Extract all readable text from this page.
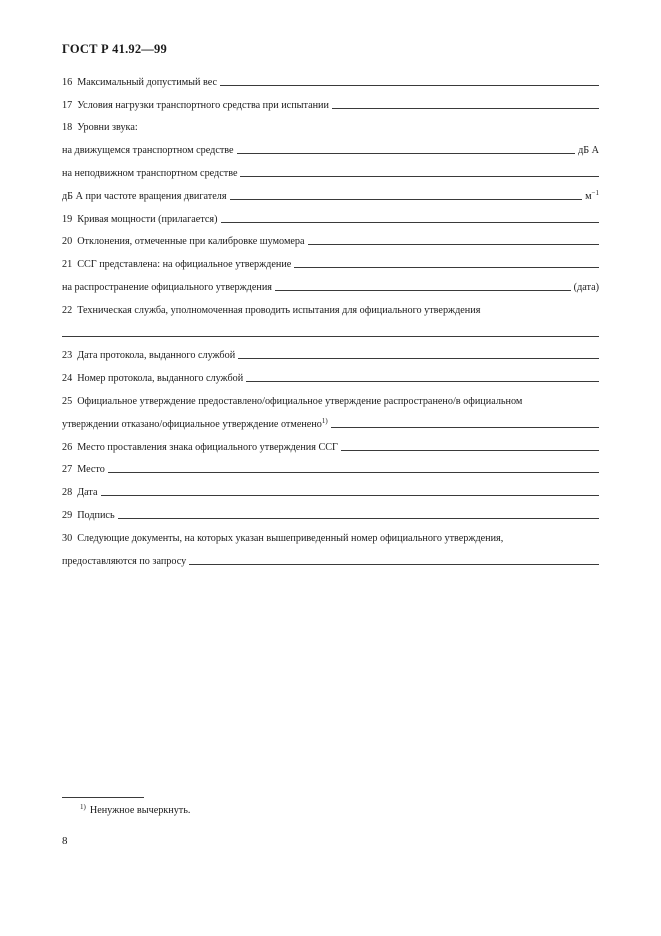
ГОСТ Р 41.92—99
16 Максимальный допустимый вес
17 Условия нагрузки транспортного средства при испытании
18 Уровни звука:
на движущемся транспортном средстве	дБ А
на неподвижном транспортном средстве
дБ А при частоте вращения двигателя	$м^{-1}$
19 Кривая мощности (прилагается)
20 Отклонения, отмеченные при калибровке шумомера
21 ССГ представлена: на официальное утверждение
на распространение официального утверждения	(дата)
22 Техническая служба, уполномоченная проводить испытания для официального утверждения
23 Дата протокола, выданного службой
24 Номер протокола, выданного службой
25 Официальное утверждение предоставлено/официальное утверждение распространено/в официальном
утверждении отказано/официальное утверждение отменено$^{1)}$
26 Место проставления знака официального утверждения ССГ
27 Место
28 Дата
29 Подпись
30 Следующие документы, на которых указан вышеприведенный номер официального утверждения,
предоставляются по запросу
$^{1)}$ Ненужное вычеркнуть.
8
